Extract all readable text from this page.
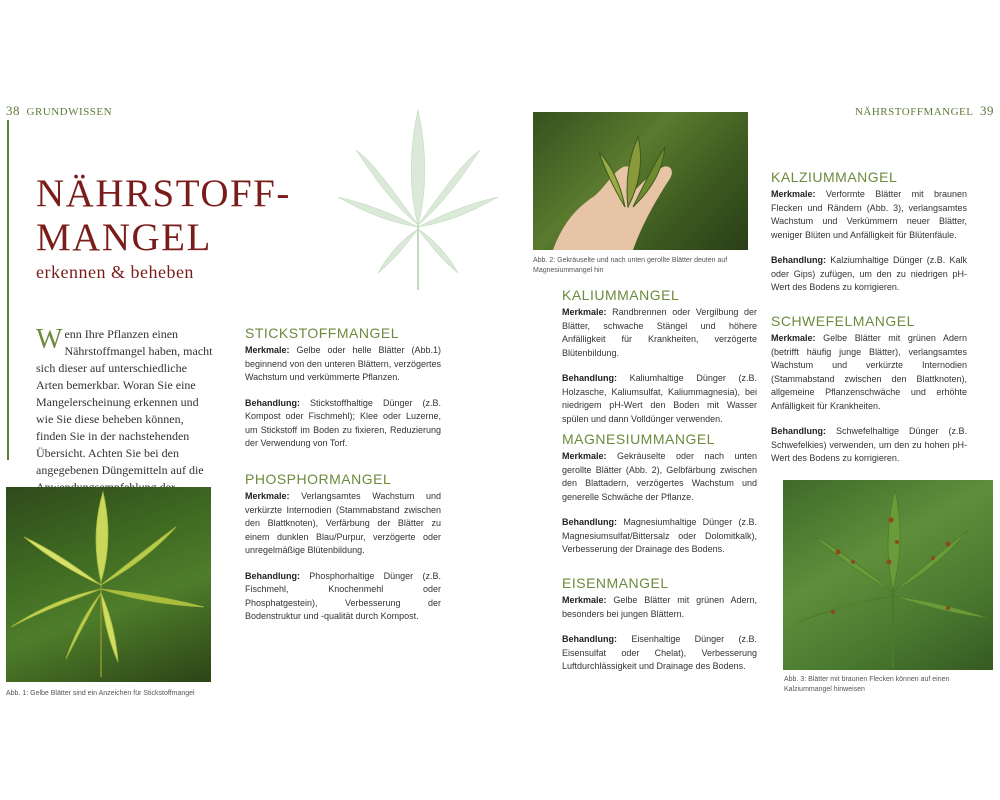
38 GRUNDWISSEN	NÄHRSTOFFMANGEL 39
NÄHRSTOFF-
MANGEL
erkennen & beheben
Wenn Ihre Pflanzen einen Nährstoffmangel haben, macht sich dieser auf unterschiedliche Arten bemerkbar. Woran Sie eine Mangelerscheinung erkennen und wie Sie diese beheben können, finden Sie in der nachstehenden Übersicht. Achten Sie bei den angegebenen Düngemitteln auf die
Abb. 1: Gelbe Blätter sind ein Anzeichen für Stickstoffmangel
STICKSTOFFMANGEL

Merkmale: Gelbe oder helle Blätter (Abb.1) beginnend von den unteren Blättern, verzögertes Wachstum und verkümmerte Pflanzen.

Behandlung: Stickstoffhaltige Dünger (z.B. Kompost oder Fischmehl); Klee oder Luzerne, um Stickstoff im Boden zu fixieren, Reduzierung der Verwendung von Torf.

PHOSPHORMANGEL

Merkmale: Verlangsamtes Wachstum und verkürzte Internodien (Stammabstand zwischen den Blattknoten), Verfärbung der Blätter zu einem dunklen Blau/Purpur, verzögerte oder unregelmäßige Blütenbildung.

Behandlung: Phosphorhaltige Dünger (z.B. Fischmehl, Knochenmehl oder Phosphatgestein), Verbesserung der Bodenstruktur und -qualität durch Kompost.

Abb. 2: Gekräuselte und nach unten gerollte Blätter deuten auf Magnesiummangel hin
KALIUMMANGEL

Merkmale: Randbrennen oder Vergilbung der Blätter, schwache Stängel und höhere Anfälligkeit für Krankheiten, verzögerte Blütenbildung.

Behandlung: Kaliumhaltige Dünger (z.B. Holzasche, Kaliumsulfat, Kaliummagnesia), bei niedrigem pH-Wert den Boden mit Wasser spülen und dann Volldünger verwenden.

MAGNESIUMMANGEL

Merkmale: Gekräuselte oder nach unten gerollte Blätter (Abb. 2), Gelbfärbung zwischen den Blattadern, verzögertes Wachstum und generelle Schwäche der Pflanze.

Behandlung: Magnesiumhaltige Dünger (z.B. Magnesiumsulfat/Bittersalz oder Dolomitkalk), Verbesserung der Drainage des Bodens.

EISENMANGEL

Merkmale: Gelbe Blätter mit grünen Adern, besonders bei jungen Blättern.

Behandlung: Eisenhaltige Dünger (z.B. Eisensulfat oder Chelat), Verbesserung Luftdurchlässigkeit und Drainage des Bodens.

KALZIUMMANGEL

Merkmale: Verformte Blätter mit braunen Flecken und Rändern (Abb. 3), verlangsamtes Wachstum und Verkümmern neuer Blätter, weniger Blüten und Anfälligkeit für Blütenfäule.

Behandlung: Kalziumhaltige Dünger (z.B. Kalk oder Gips) zufügen, um den zu niedrigen pH-Wert des Bodens zu korrigieren.

SCHWEFELMANGEL

Merkmale: Gelbe Blätter mit grünen Adern (betrifft häufig junge Blätter), verlangsamtes Wachstum und verkürzte Internodien (Stammabstand zwischen den Blattknoten), allgemeine Pflanzenschwäche und erhöhte Anfälligkeit für Krankheiten.

Behandlung: Schwefelhaltige Dünger (z.B. Schwefelkies) verwenden, um den zu hohen pH-Wert des Bodens zu korrigieren.

Abb. 3: Blätter mit braunen Flecken können auf einen Kalziummangel hinweisen
